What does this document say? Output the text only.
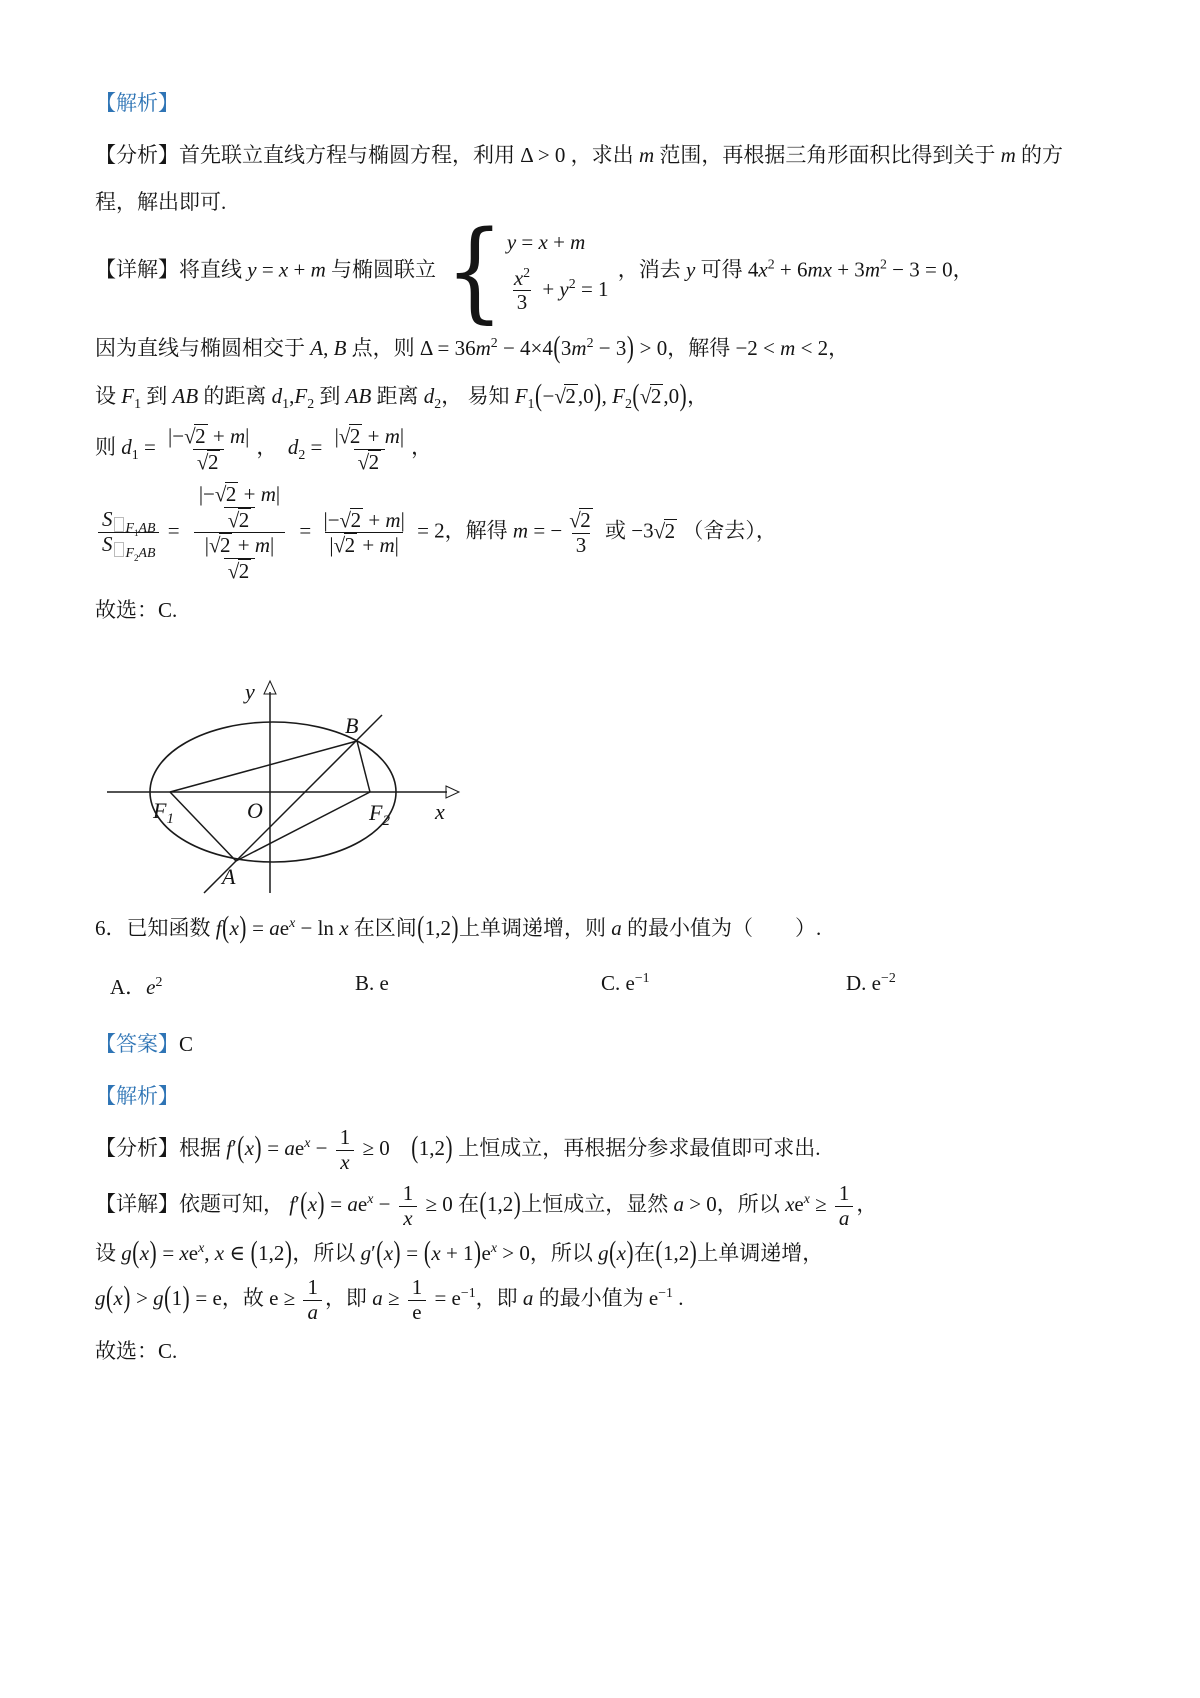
【解析】
【分析】首先联立直线方程与椭圆方程，利用 Δ > 0 ，求出 m 范围，再根据三角形面积比得到关于 m 的方
程，解出即可.
【详解】将直线 y = x + m 与椭圆联立 { y = x + m
$\frac{x^2}{3} + y^2 = 1$
，消去 y 可得 $4x^2 + 6mx + 3m^2 - 3 = 0$，
因为直线与椭圆相交于 A, B 点，则 $\Delta = 36m^2 - 4\times 4(3m^2 - 3) > 0$，解得 −2 < m < 2，
设 $F_1$ 到 AB 的距离 $d_1,F_2$ 到 AB 距离 $d_2$， 易知 $F_1(-√2,0)$, $F_2(√2,0)$，
则 $d_1 = \frac{|-√2 + m|}{√2}$ ，  $d_2 = \frac{|√2 + m|}{√2}$ ，
$\frac{S _{F_1AB}}{S _{F_2AB}} = \frac{\frac{|-√2 + m|}{√2}}{\frac{|√2 + m|}{√2}} = \frac{|-√2 + m|}{|√2 + m|} = 2$，解得 m = − $\frac{√2}{3}$ 或 −3√2 （舍去），
故选：C.
y
x
B
$F_1$	O	$F_2$
A
6．已知函数 $f(x) = ae^x - \ln x$ 在区间(1,2)上单调递增，则 a 的最小值为（　　）.
A．$e^2$	B. e	C. $e^{-1}$	D. $e^{-2}$
【答案】C
【解析】
【分析】根据 $f'(x) = ae^x - \frac{1}{x} \ge 0$    (1,2) 上恒成立，再根据分参求最值即可求出.
【详解】依题可知， $f'(x) = ae^x - \frac{1}{x} \ge 0$ 在(1,2)上恒成立，显然 a > 0，所以 $xe^x \ge \frac{1}{a}$ ，
设 $g(x) = xe^x$, x ∈ (1,2)，所以 $g'(x) = (x + 1)e^x > 0$，所以 g(x)在(1,2)上单调递增，
g(x) > g(1) = e，故 $e \ge \frac{1}{a}$ ，即 $a \ge \frac{1}{e} = e^{-1}$，即 a 的最小值为 $e^{-1}$ .
故选：C.
